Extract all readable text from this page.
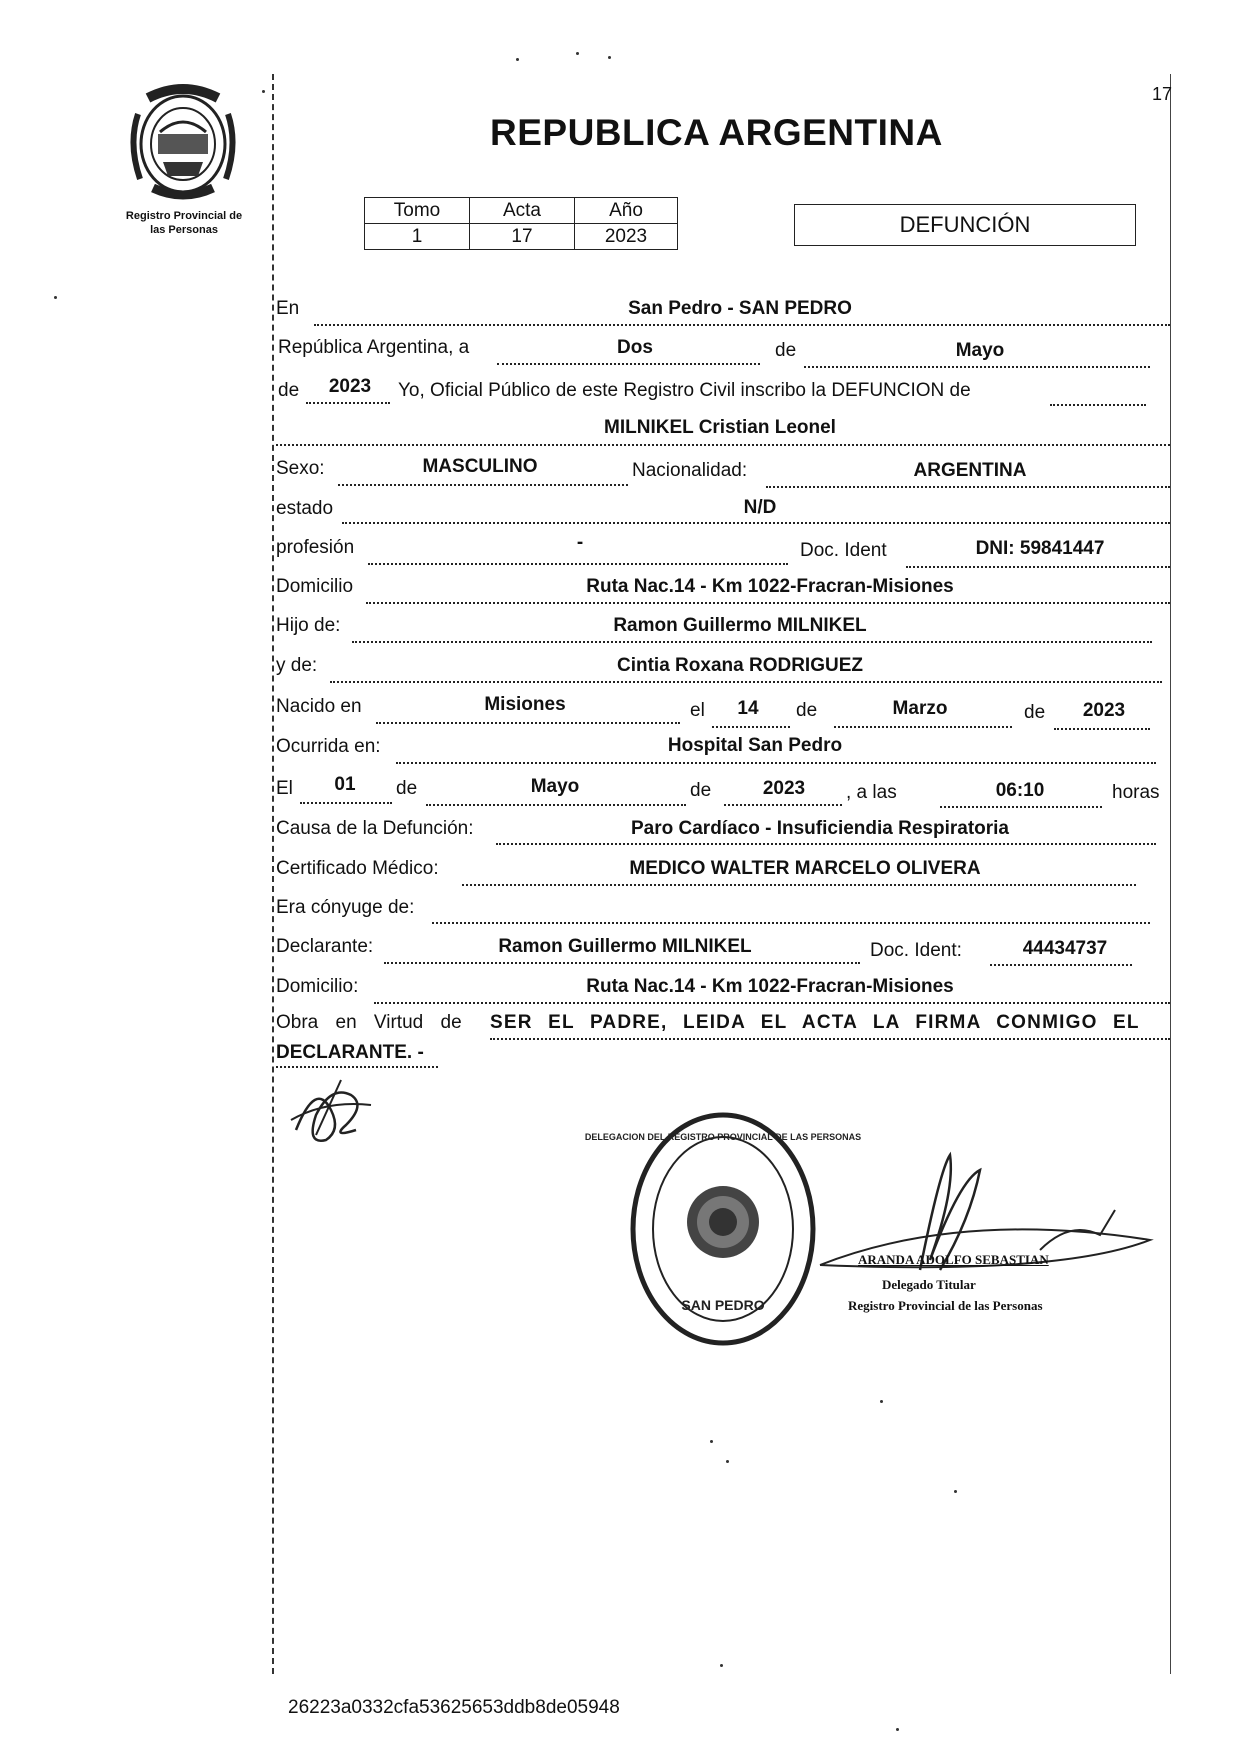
17
Registro Provincial de
las Personas
REPUBLICA ARGENTINA
Tomo	Acta	Año
1	17	2023	DEFUNCIÓN
En	San Pedro - SAN PEDRO
República Argentina, a	Dos	de	Mayo
de	2023	Yo, Oficial Público de este Registro Civil inscribo la DEFUNCION de
MILNIKEL Cristian Leonel
Sexo:	MASCULINO	Nacionalidad:	ARGENTINA
estado	N/D
profesión	-	Doc. Ident	DNI: 59841447
Domicilio	Ruta Nac.14 - Km 1022-Fracran-Misiones
Hijo de:	Ramon Guillermo MILNIKEL
y de:	Cintia Roxana RODRIGUEZ
Nacido en	Misiones	el	14	de	Marzo	de	2023
Ocurrida en:	Hospital San Pedro
El	01	de	Mayo	de	2023	, a las	06:10	horas
Causa de la Defunción:	Paro Cardíaco - Insuficiendia Respiratoria
Certificado Médico:	MEDICO WALTER MARCELO OLIVERA
Era cónyuge de:
Declarante:	Ramon Guillermo MILNIKEL	Doc. Ident:	44434737
Domicilio:	Ruta Nac.14 - Km 1022-Fracran-Misiones
Obra en Virtud de SER EL PADRE, LEIDA EL ACTA LA FIRMA CONMIGO EL
DECLARANTE. -
SAN PEDRO
DELEGACION DEL REGISTRO PROVINCIAL DE LAS PERSONAS
ARANDA ADOLFO SEBASTIAN
Delegado Titular
Registro Provincial de las Personas
26223a0332cfa53625653ddb8de05948
